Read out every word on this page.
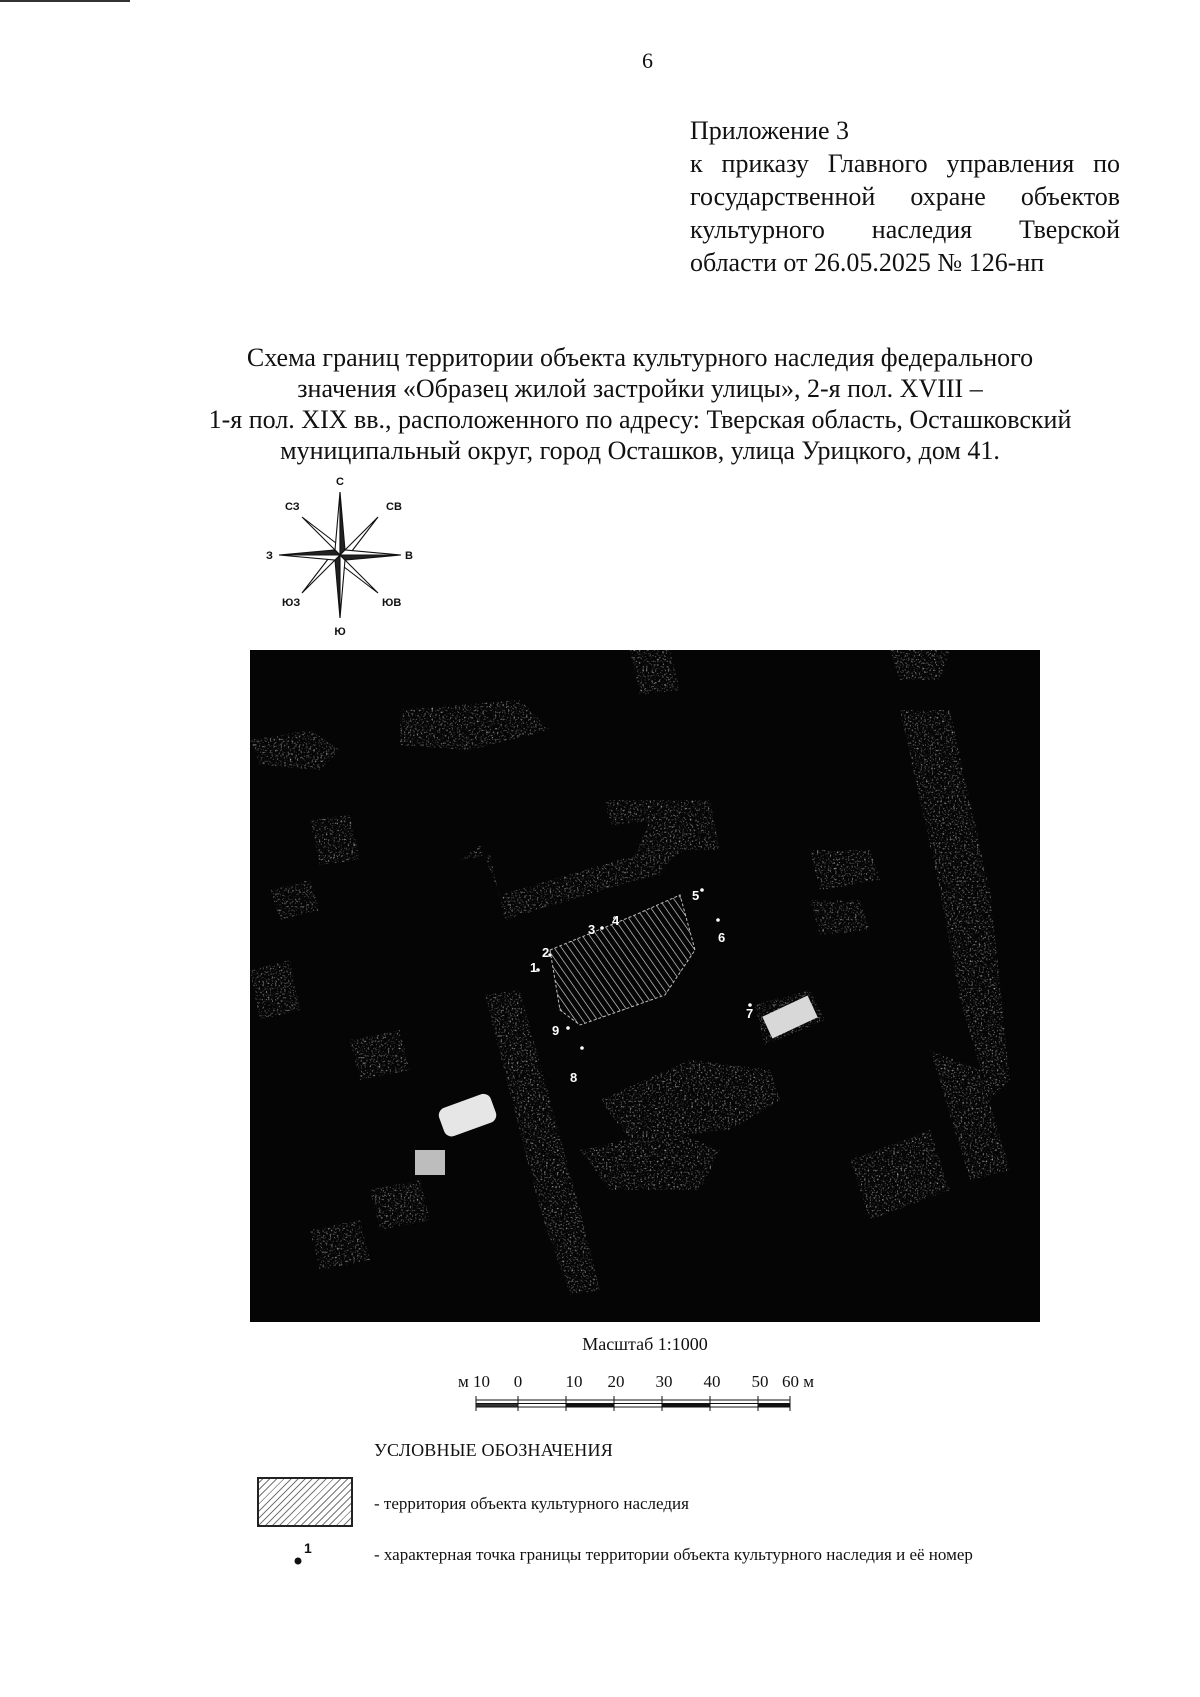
6
Приложение 3
к приказу Главного управления по
государственной охране объектов
культурного наследия Тверской
области от 26.05.2025 № 126-нп
Схема границ территории объекта культурного наследия федерального
значения «Образец жилой застройки улицы», 2-я пол. XVIII –
1-я пол. XIX вв., расположенного по адресу: Тверская область, Осташковский
муниципальный округ, город Осташков, улица Урицкого, дом 41.
С
СВ
В
ЮВ
Ю
ЮЗ
СЗ
З
1
2
3
4
5
6
7
8
9
Масштаб 1:1000
м 10 0	10 20 30 40 50 60 м
УСЛОВНЫЕ ОБОЗНАЧЕНИЯ
- территория объекта культурного наследия
1	- характерная точка границы территории объекта культурного наследия и её номер
